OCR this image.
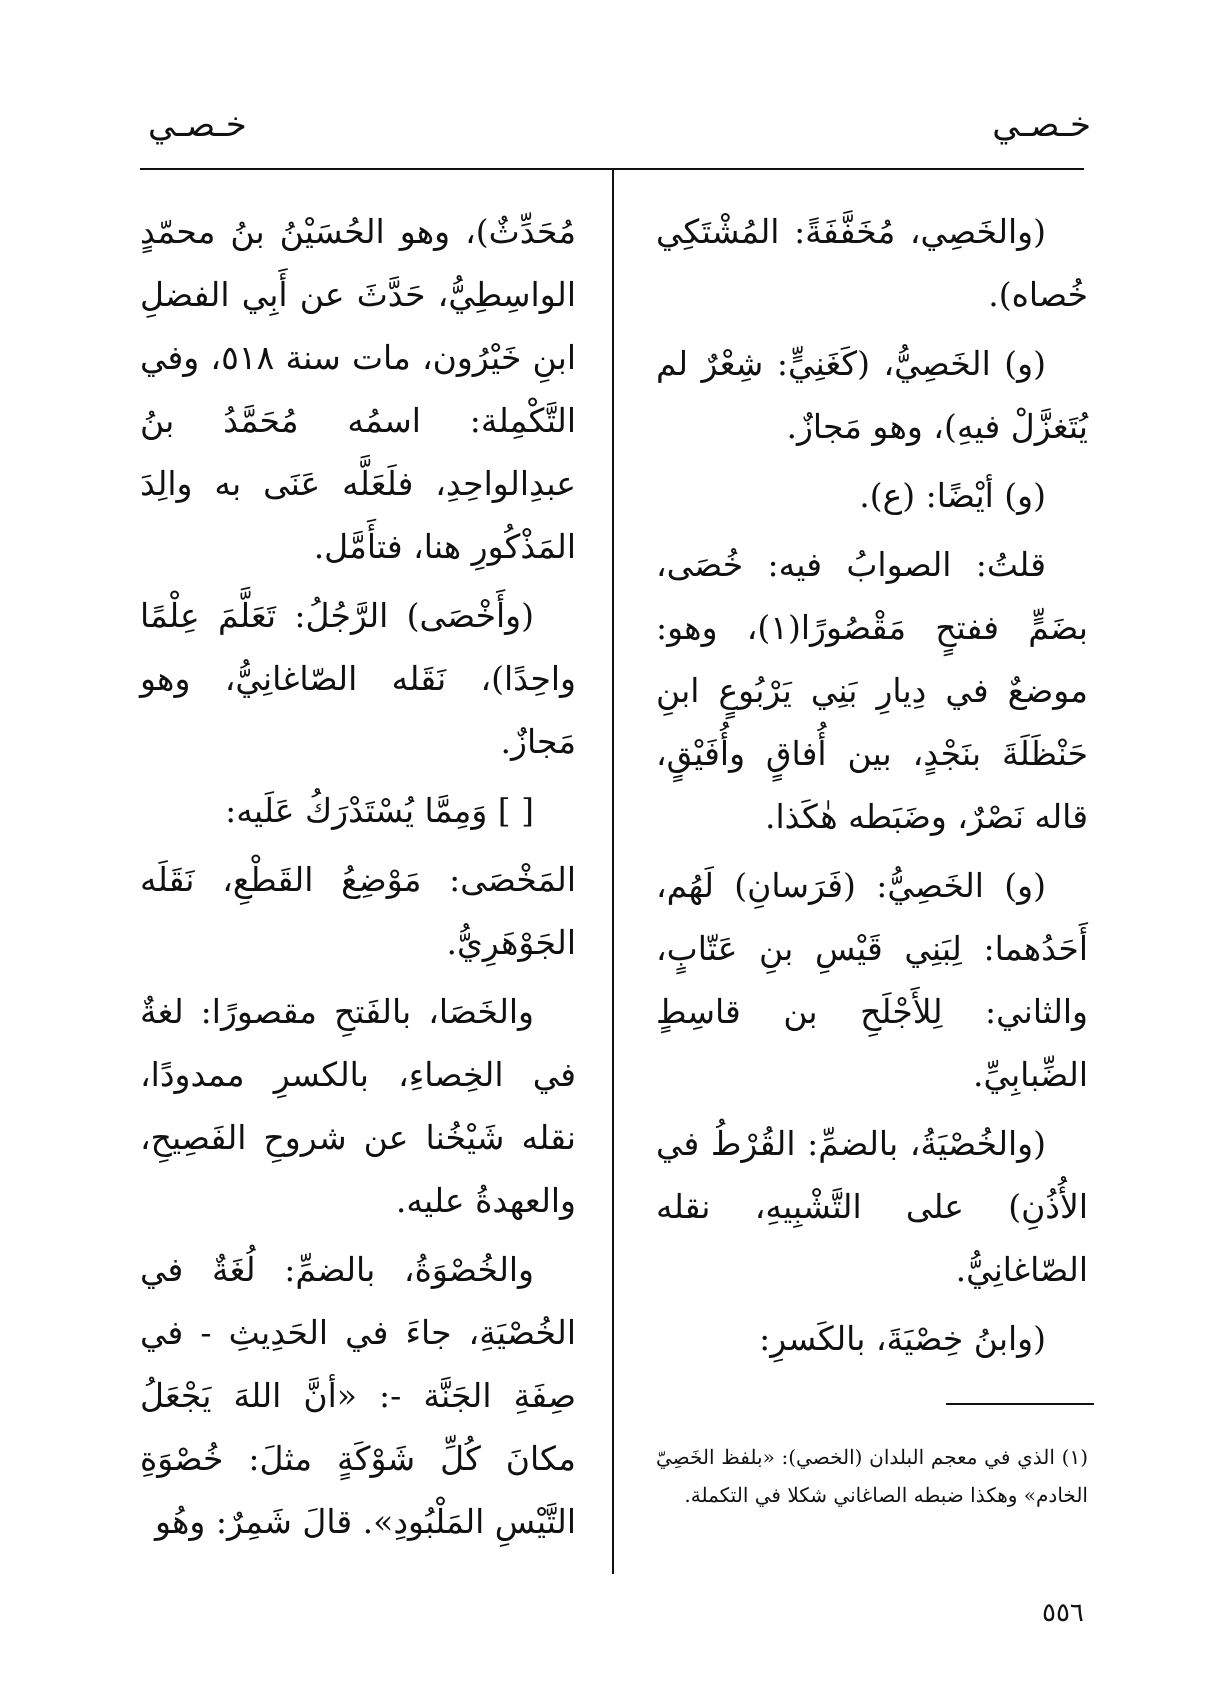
خـصـي
خـصـي

(والخَصِي، مُخَفَّفَةً: المُشْتَكِي خُصاه).

(و) الخَصِيُّ، (كَغَنِيٍّ: شِعْرٌ لم يُتَغزَّلْ فيهِ)، وهو مَجازٌ.

(و) أيْضًا: (ع).

قلتُ: الصوابُ فيه: خُصَى، بضَمٍّ ففتحٍ مَقْصُورًا(١)، وهو: موضعٌ في دِيارِ بَنِي يَرْبُوعٍ ابنِ حَنْظَلَةَ بنَجْدٍ، بين أُفاقٍ وأُفَيْقٍ، قاله نَصْرٌ، وضَبَطه هٰكَذا.

(و) الخَصِيُّ: (فَرَسانِ) لَهُم، أَحَدُهما: لِبَنِي قَيْسِ بنِ عَتّابٍ، والثاني: لِلأَجْلَحِ بن قاسِطٍ الضِّبابِيِّ.

(والخُصْيَةُ، بالضمِّ: القُرْطُ في الأُذُنِ) على التَّشْبِيهِ، نقله الصّاغانِيُّ.

(وابنُ خِصْيَةَ، بالكَسرِ:

مُحَدِّثٌ)، وهو الحُسَيْنُ بنُ محمّدٍ الواسِطِيُّ، حَدَّثَ عن أَبِي الفضلِ ابنِ خَيْرُون، مات سنة ٥١٨، وفي التَّكْمِلة: اسمُه مُحَمَّدُ بنُ عبدِالواحِدِ، فلَعَلَّه عَنَى به والِدَ المَذْكُورِ هنا، فتأَمَّل.

(وأَخْصَى) الرَّجُلُ: تَعَلَّمَ عِلْمًا واحِدًا)، نَقَله الصّاغانِيُّ، وهو مَجازٌ.

[ ] وَمِمَّا يُسْتَدْرَكُ عَلَيه:

المَخْصَى: مَوْضِعُ القَطْعِ، نَقَلَه الجَوْهَرِيُّ.

والخَصَا، بالفَتحِ مقصورًا: لغةٌ في الخِصاءِ، بالكسرِ ممدودًا، نقله شَيْخُنا عن شروحِ الفَصِيحِ، والعهدةُ عليه.

والخُصْوَةُ، بالضمِّ: لُغَةٌ في الخُصْيَةِ، جاءَ في الحَدِيثِ - في صِفَةِ الجَنَّة -: «أنَّ اللهَ يَجْعَلُ مكانَ كُلِّ شَوْكَةٍ مثلَ: خُصْوَةِ التَّيْسِ المَلْبُودِ». قالَ شَمِرٌ: وهُو

(١) الذي في معجم البلدان (الخصي): «بلفظ الخَصِيّ الخادم» وهكذا ضبطه الصاغاني شكلا في التكملة.

٥٥٦
